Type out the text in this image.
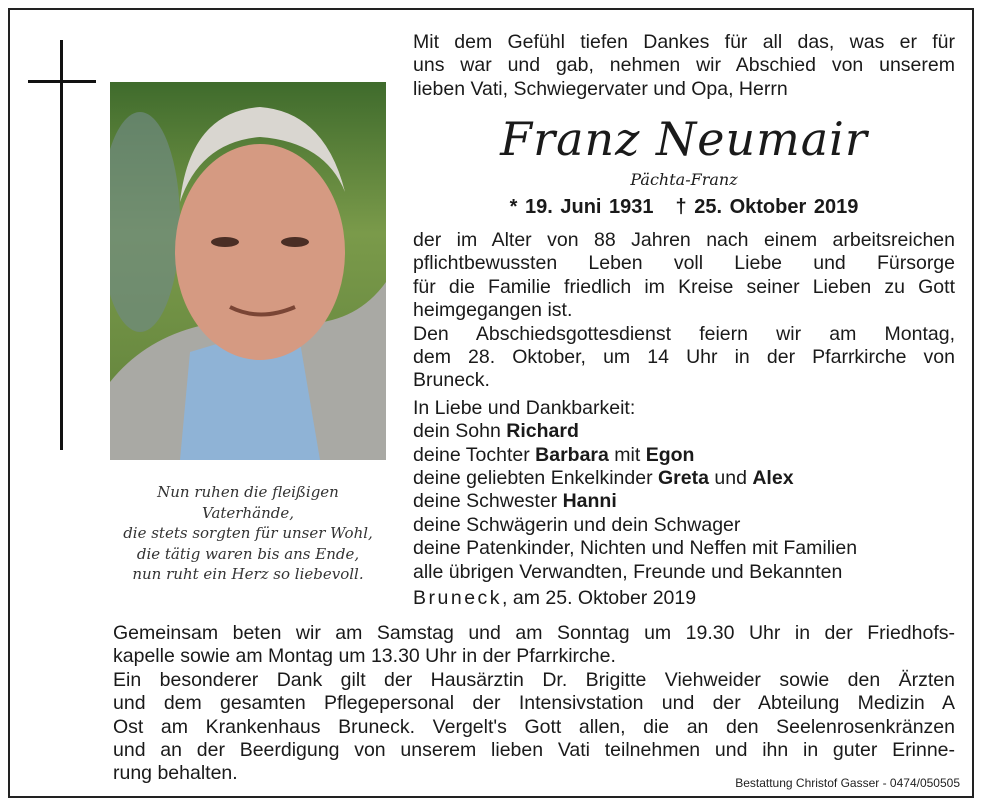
Nun ruhen die fleißigen
Vaterhände,
die stets sorgten für unser Wohl,
die tätig waren bis ans Ende,
nun ruht ein Herz so liebevoll.
Mit dem Gefühl tiefen Dankes für all das, was er für
uns war und gab, nehmen wir Abschied von unserem
lieben Vati, Schwiegervater und Opa, Herrn
Franz Neumair
Pächta-Franz
* 19. Juni 1931 † 25. Oktober 2019
der im Alter von 88 Jahren nach einem arbeitsreichen
pflichtbewussten Leben voll Liebe und Fürsorge
für die Familie friedlich im Kreise seiner Lieben zu Gott
heimgegangen ist.
Den Abschiedsgottesdienst feiern wir am Montag,
dem 28. Oktober, um 14 Uhr in der Pfarrkirche von
Bruneck.
In Liebe und Dankbarkeit:
dein Sohn Richard
deine Tochter Barbara mit Egon
deine geliebten Enkelkinder Greta und Alex
deine Schwester Hanni
deine Schwägerin und dein Schwager
deine Patenkinder, Nichten und Neffen mit Familien
alle übrigen Verwandten, Freunde und Bekannten
Bruneck, am 25. Oktober 2019
Gemeinsam beten wir am Samstag und am Sonntag um 19.30 Uhr in der Friedhofs-
kapelle sowie am Montag um 13.30 Uhr in der Pfarrkirche.
Ein besonderer Dank gilt der Hausärztin Dr. Brigitte Viehweider sowie den Ärzten
und dem gesamten Pflegepersonal der Intensivstation und der Abteilung Medizin A
Ost am Krankenhaus Bruneck. Vergelt's Gott allen, die an den Seelenrosenkränzen
und an der Beerdigung von unserem lieben Vati teilnehmen und ihn in guter Erinne-
rung behalten.	Bestattung Christof Gasser - 0474/050505
